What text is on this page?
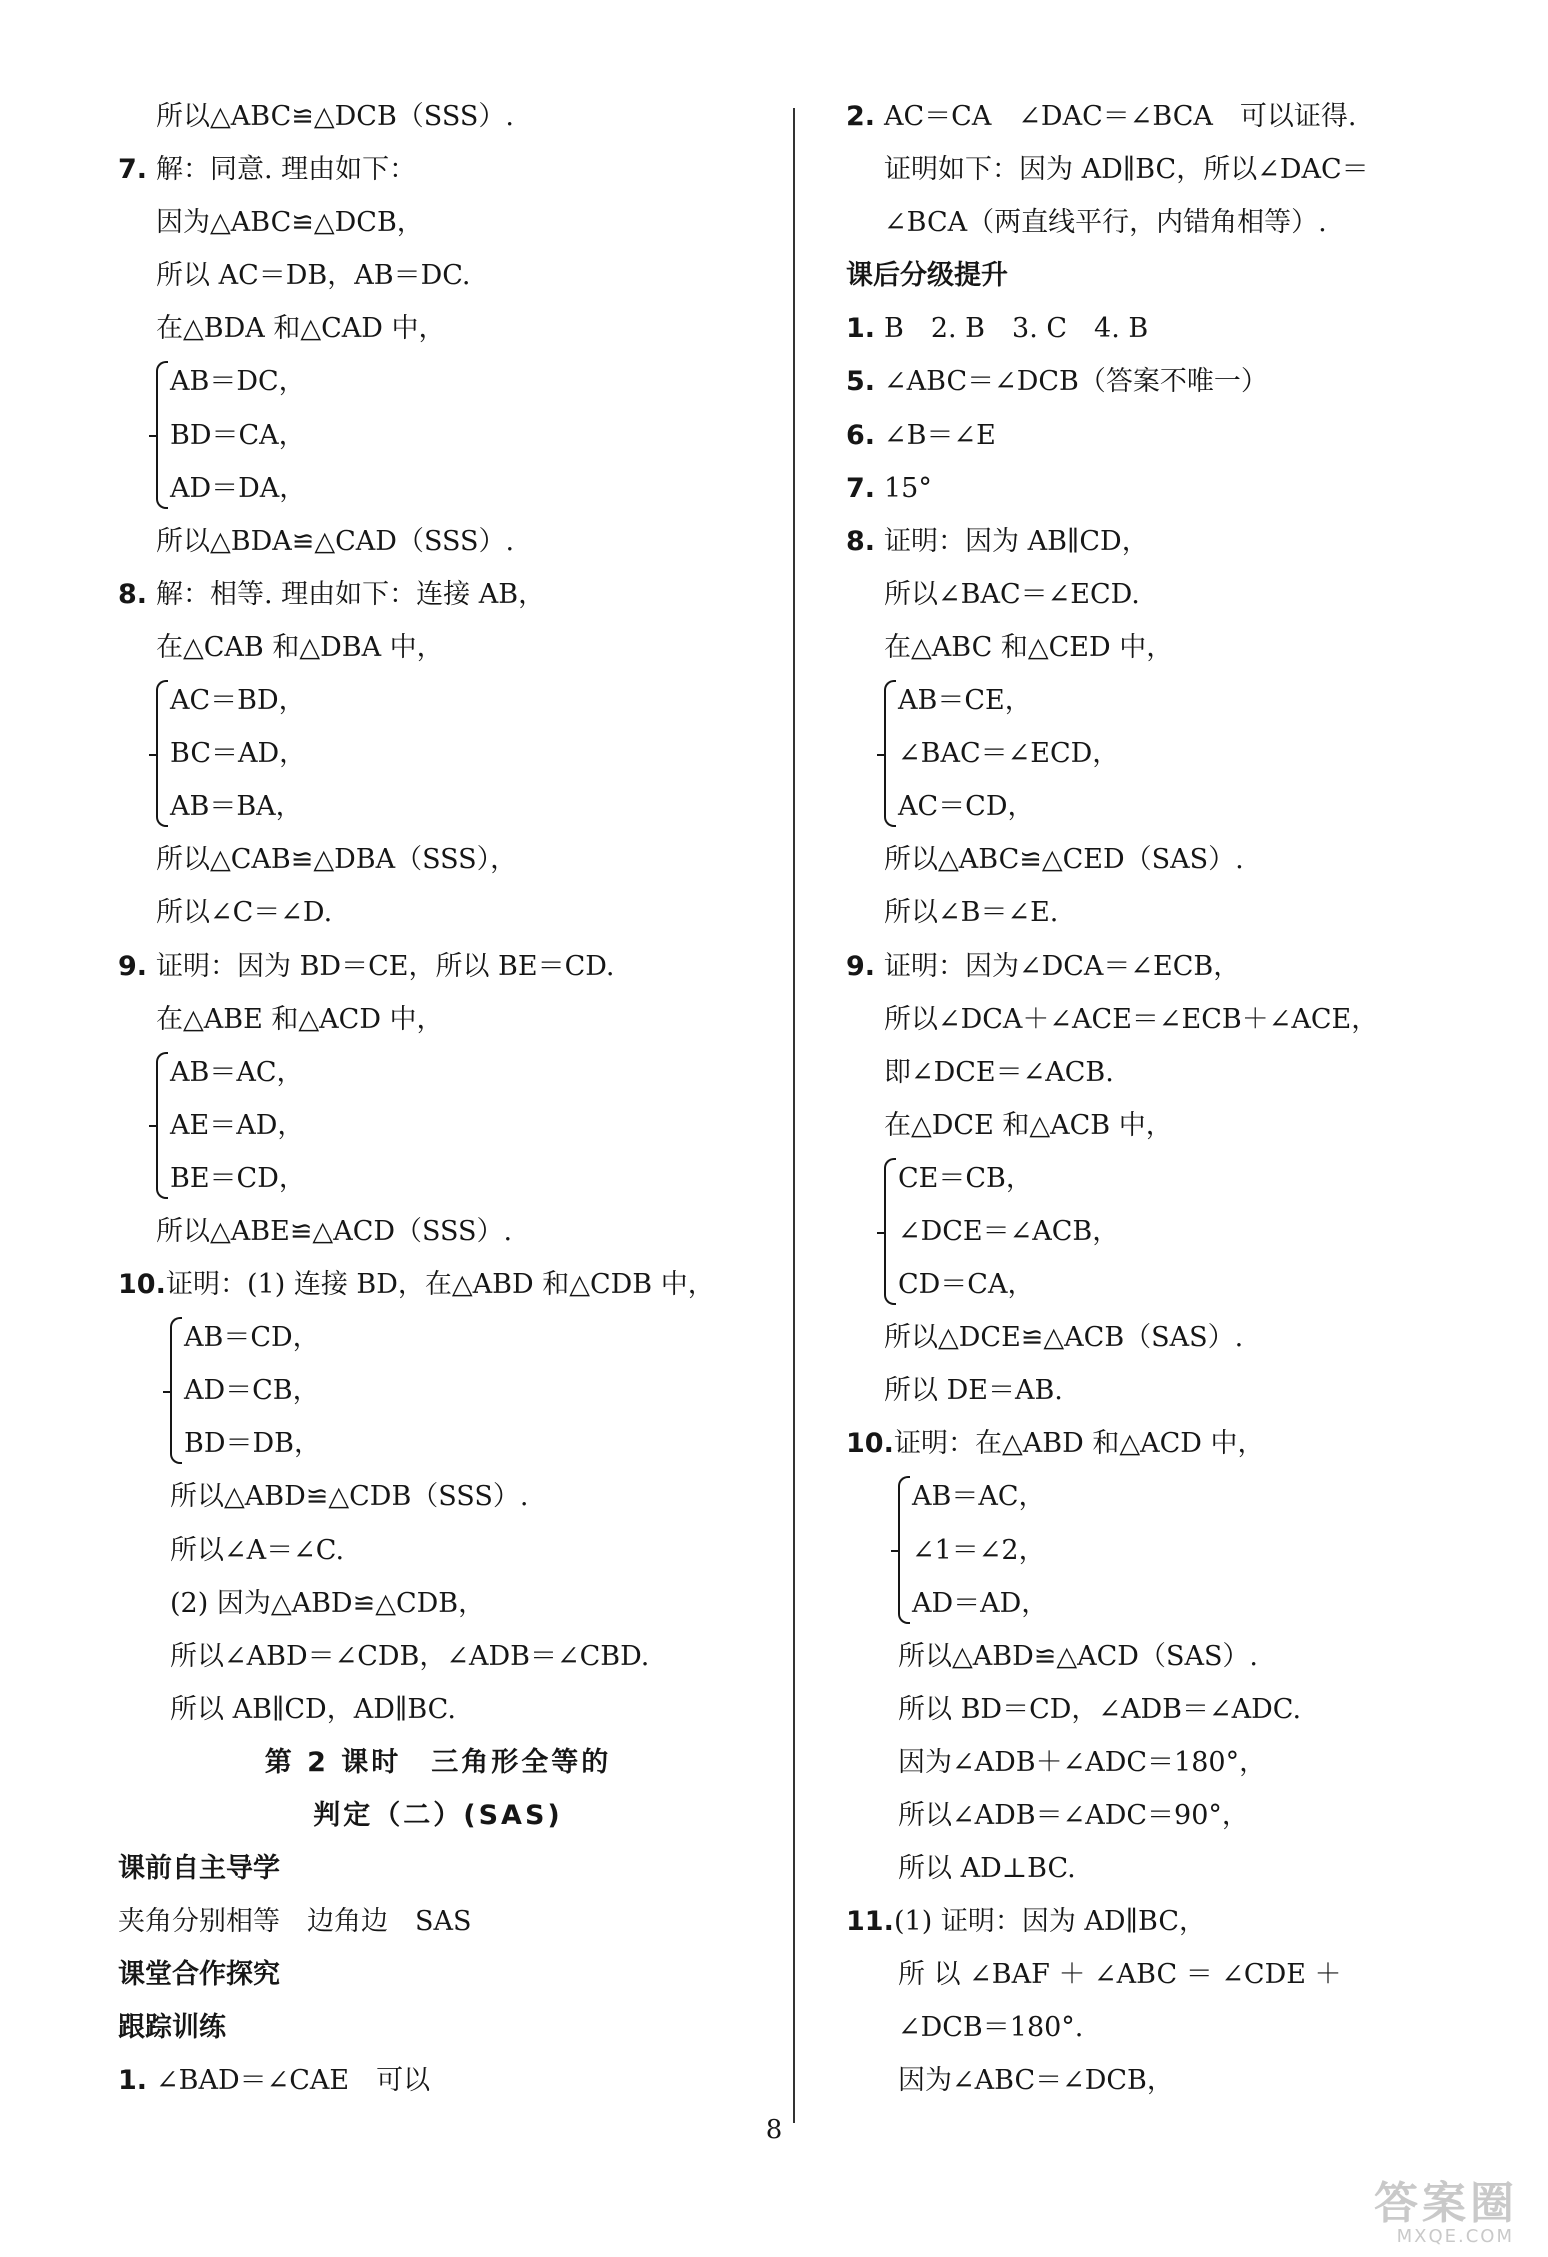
所以△ABC≌△DCB（SSS）.
7. 解：同意. 理由如下：
因为△ABC≌△DCB，
所以 AC＝DB，AB＝DC.
在△BDA 和△CAD 中，
AB＝DC，
BD＝CA，
AD＝DA，
所以△BDA≌△CAD（SSS）.
8. 解：相等. 理由如下：连接 AB，
在△CAB 和△DBA 中，
AC＝BD，
BC＝AD，
AB＝BA，
所以△CAB≌△DBA（SSS），
所以∠C＝∠D.
9. 证明：因为 BD＝CE，所以 BE＝CD.
在△ABE 和△ACD 中，
AB＝AC，
AE＝AD，
BE＝CD，
所以△ABE≌△ACD（SSS）.
10.证明：(1) 连接 BD，在△ABD 和△CDB 中，
AB＝CD，
AD＝CB，
BD＝DB，
所以△ABD≌△CDB（SSS）.
所以∠A＝∠C.
(2) 因为△ABD≌△CDB，
所以∠ABD＝∠CDB，∠ADB＝∠CBD.
所以 AB∥CD，AD∥BC.
第 2 课时　三角形全等的
判定（二）(SAS)
课前自主导学
夹角分别相等　边角边　SAS
课堂合作探究
跟踪训练
1. ∠BAD＝∠CAE　可以
2. AC＝CA　∠DAC＝∠BCA　可以证得.
证明如下：因为 AD∥BC，所以∠DAC＝
∠BCA（两直线平行，内错角相等）.
课后分级提升
1. B　2. B　3. C　4. B
5. ∠ABC＝∠DCB（答案不唯一）
6. ∠B＝∠E
7. 15°
8. 证明：因为 AB∥CD，
所以∠BAC＝∠ECD.
在△ABC 和△CED 中，
AB＝CE，
∠BAC＝∠ECD，
AC＝CD，
所以△ABC≌△CED（SAS）.
所以∠B＝∠E.
9. 证明：因为∠DCA＝∠ECB，
所以∠DCA＋∠ACE＝∠ECB＋∠ACE，
即∠DCE＝∠ACB.
在△DCE 和△ACB 中，
CE＝CB，
∠DCE＝∠ACB，
CD＝CA，
所以△DCE≌△ACB（SAS）.
所以 DE＝AB.
10.证明：在△ABD 和△ACD 中，
AB＝AC，
∠1＝∠2，
AD＝AD，
所以△ABD≌△ACD（SAS）.
所以 BD＝CD，∠ADB＝∠ADC.
因为∠ADB＋∠ADC＝180°，
所以∠ADB＝∠ADC＝90°，
所以 AD⊥BC.
11.(1) 证明：因为 AD∥BC，
所 以 ∠BAF ＋ ∠ABC ＝ ∠CDE ＋
∠DCB＝180°.
因为∠ABC＝∠DCB，
8
答案圈
MXQE.COM
